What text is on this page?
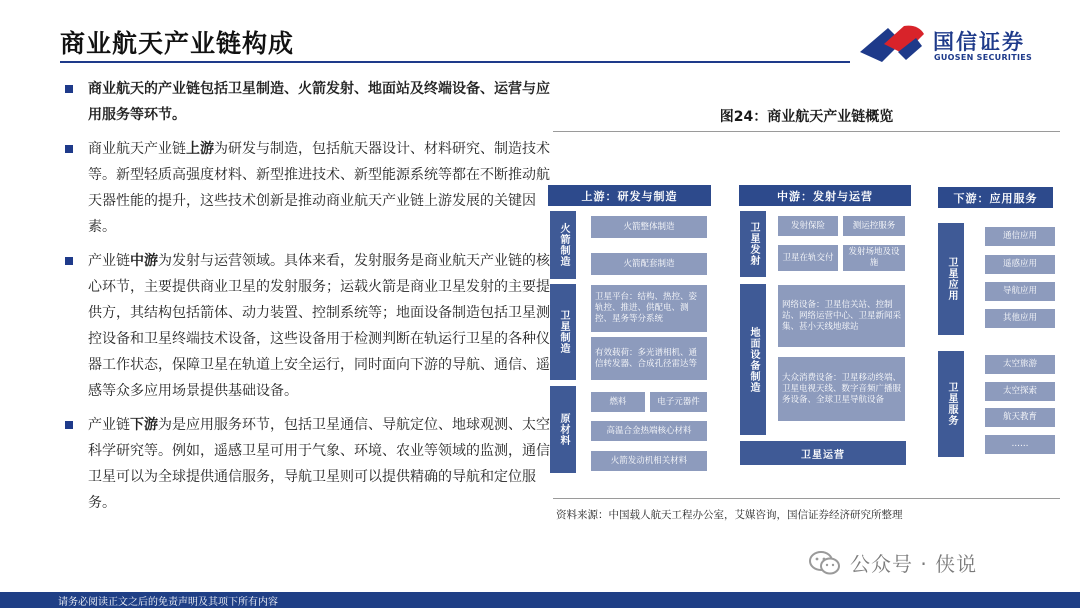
商业航天产业链构成	国信证券
GUOSEN SECURITIES
商业航天的产业链包括卫星制造、火箭发射、地面站及终端设备、运营与应用服务等环节。
商业航天产业链上游为研发与制造，包括航天器设计、材料研究、制造技术等。新型轻质高强度材料、新型推进技术、新型能源系统等都在不断推动航天器性能的提升，这些技术创新是推动商业航天产业链上游发展的关键因素。
产业链中游为发射与运营领域。具体来看，发射服务是商业航天产业链的核心环节，主要提供商业卫星的发射服务；运载火箭是商业卫星发射的主要提供方，其结构包括箭体、动力装置、控制系统等；地面设备制造包括卫星测控设备和卫星终端技术设备，这些设备用于检测判断在轨运行卫星的各种仪器工作状态，保障卫星在轨道上安全运行，同时面向下游的导航、通信、遥感等众多应用场景提供基础设备。
产业链下游为是应用服务环节，包括卫星通信、导航定位、地球观测、太空科学研究等。例如，遥感卫星可用于气象、环境、农业等领域的监测，通信卫星可以为全球提供通信服务，导航卫星则可以提供精确的导航和定位服务。
图24：商业航天产业链概览
上游：研发与制造
火箭制造	火箭整体制造
火箭配套制造
卫星制造
卫星平台：结构、热控、姿轨控、推进、供配电、测控、星务等分系统
有效载荷：多光谱相机、通信转发器、合成孔径雷达等
原材料
燃料	电子元器件
高温合金热端核心材料
火箭发动机相关材料
中游：发射与运营
卫星发射	发射保险	测运控服务
卫星在轨交付
发射场地及设施
地面设备制造
网络设备：卫星信关站、控制站、网络运营中心、卫星新闻采集、甚小天线地球站
大众消费设备：卫星移动终端、卫星电视天线、数字音频广播服务设备、全球卫星导航设备
卫星运营
下游：应用服务
卫星应用
通信应用
遥感应用
导航应用
其他应用
卫星服务
太空旅游
太空探索
航天教育
……
资料来源：中国载人航天工程办公室，艾媒咨询，国信证券经济研究所整理
公众号 · 侠说
请务必阅读正文之后的免责声明及其项下所有内容
